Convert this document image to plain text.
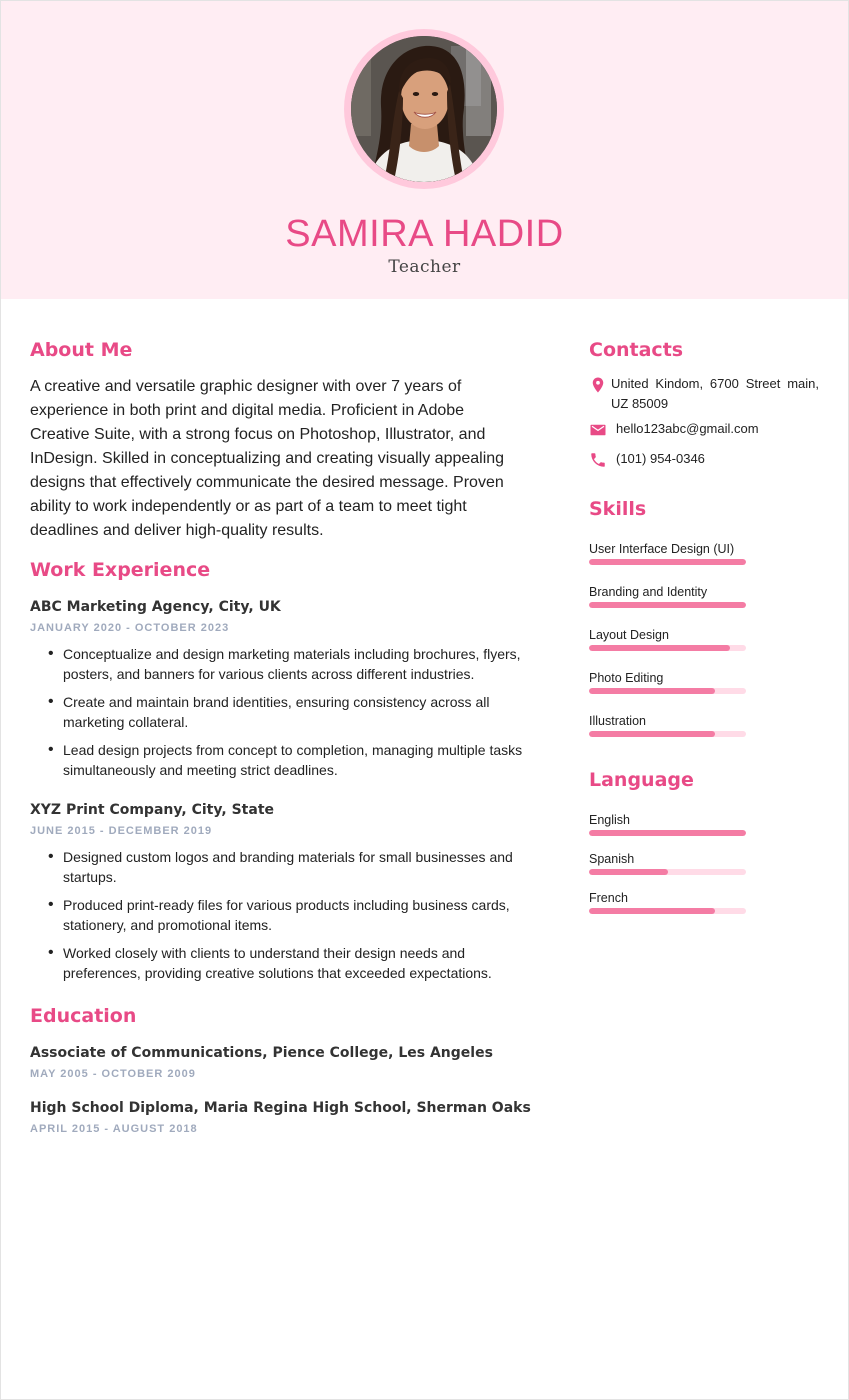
SAMIRA HADID
Teacher
About Me
A creative and versatile graphic designer with over 7 years of experience in both print and digital media. Proficient in Adobe Creative Suite, with a strong focus on Photoshop, Illustrator, and InDesign. Skilled in conceptualizing and creating visually appealing designs that effectively communicate the desired message. Proven ability to work independently or as part of a team to meet tight deadlines and deliver high-quality results.
Work Experience
ABC Marketing Agency, City, UK
JANUARY 2020 - OCTOBER 2023
• Conceptualize and design marketing materials including brochures, flyers, posters, and banners for various clients across different industries.
• Create and maintain brand identities, ensuring consistency across all marketing collateral.
• Lead design projects from concept to completion, managing multiple tasks simultaneously and meeting strict deadlines.
XYZ Print Company, City, State
JUNE 2015 - DECEMBER 2019
• Designed custom logos and branding materials for small businesses and startups.
• Produced print-ready files for various products including business cards, stationery, and promotional items.
• Worked closely with clients to understand their design needs and preferences, providing creative solutions that exceeded expectations.
Education
Associate of Communications, Pience College, Les Angeles
MAY 2005 - OCTOBER 2009
High School Diploma, Maria Regina High School, Sherman Oaks
APRIL 2015 - AUGUST 2018
Contacts
United Kindom, 6700 Street main, UZ 85009
hello123abc@gmail.com
(101) 954-0346
Skills
User Interface Design (UI)
Branding and Identity
Layout Design
Photo Editing
Illustration
Language
English
Spanish
French
